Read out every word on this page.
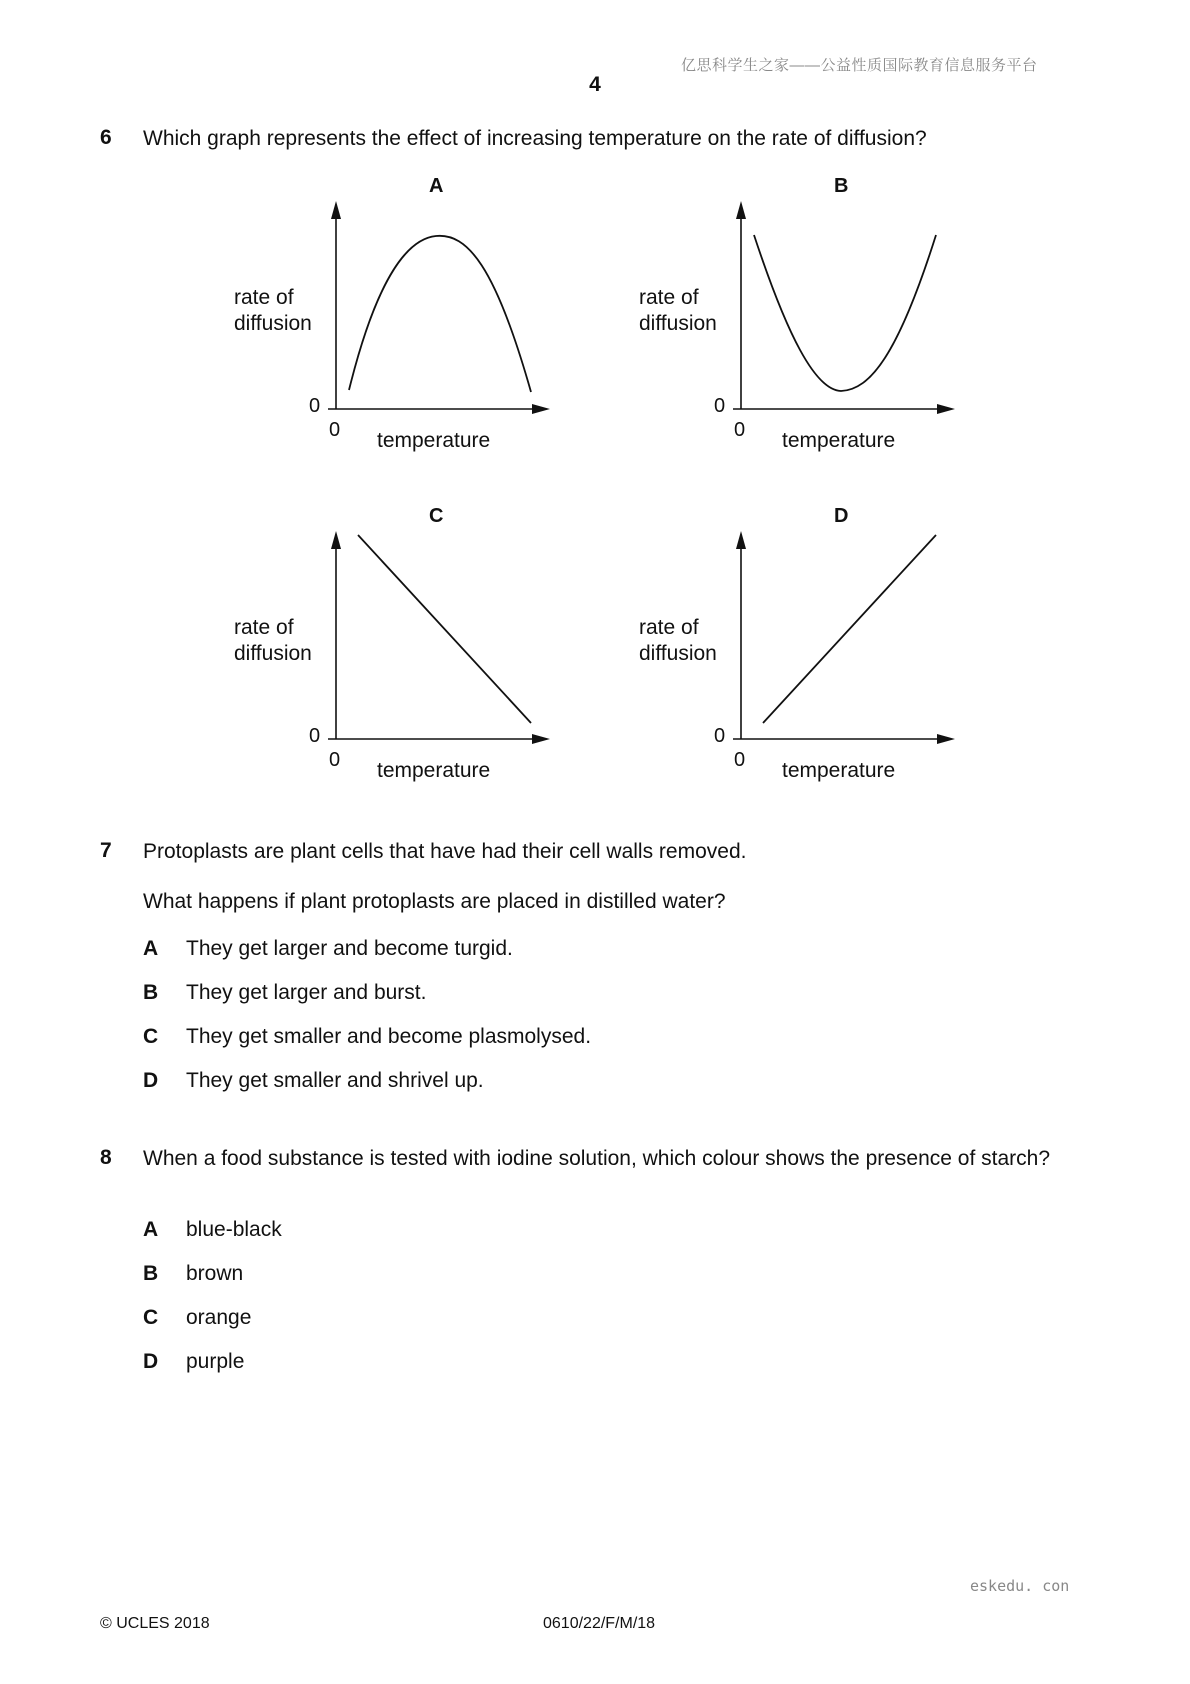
亿思科学生之家——公益性质国际教育信息服务平台
4
6 Which graph represents the effect of increasing temperature on the rate of diffusion?
A
rate of
diffusion
0
0 temperature
B
rate of
diffusion
0
0 temperature
C
rate of
diffusion
0
0 temperature
D
rate of
diffusion
0
0 temperature
7 Protoplasts are plant cells that have had their cell walls removed.
What happens if plant protoplasts are placed in distilled water?
A They get larger and become turgid.
B They get larger and burst.
C They get smaller and become plasmolysed.
D They get smaller and shrivel up.
8 When a food substance is tested with iodine solution, which colour shows the presence of starch?
A blue-black
B brown
C orange
D purple
eskedu. con
© UCLES 2018	0610/22/F/M/18
